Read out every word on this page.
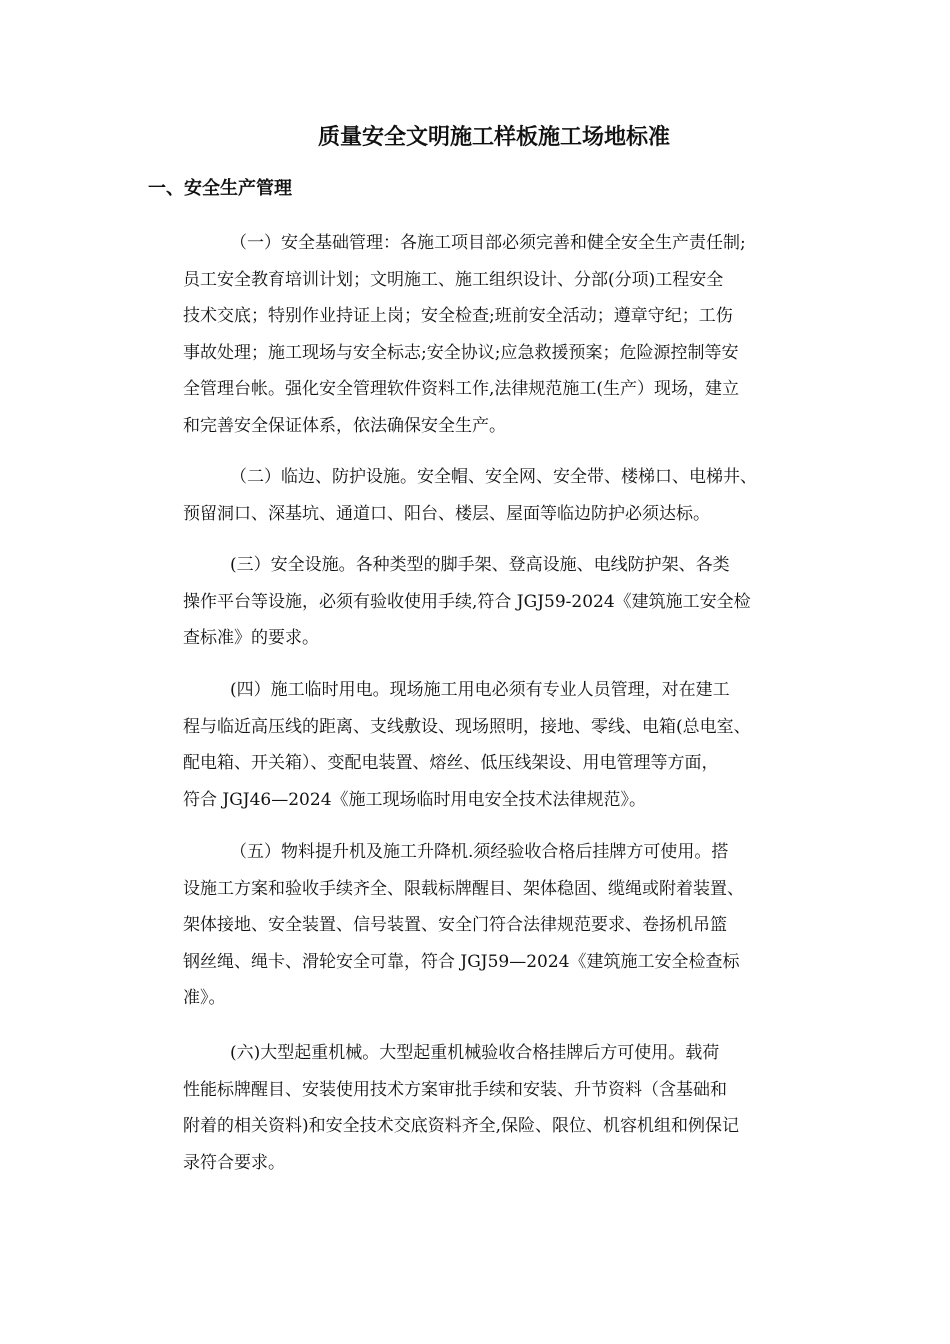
质量安全文明施工样板施工场地标准
一、安全生产管理
（一）安全基础管理：各施工项目部必须完善和健全安全生产责任制;
员工安全教育培训计划；文明施工、施工组织设计、分部(分项)工程安全
技术交底；特别作业持证上岗；安全检查;班前安全活动；遵章守纪；工伤
事故处理；施工现场与安全标志;安全协议;应急救援预案；危险源控制等安
全管理台帐。强化安全管理软件资料工作,法律规范施工(生产）现场，建立
和完善安全保证体系，依法确保安全生产。
（二）临边、防护设施。安全帽、安全网、安全带、楼梯口、电梯井、
预留洞口、深基坑、通道口、阳台、楼层、屋面等临边防护必须达标。
(三）安全设施。各种类型的脚手架、登高设施、电线防护架、各类
操作平台等设施，必须有验收使用手续,符合 JGJ59-2024《建筑施工安全检
查标准》的要求。
(四）施工临时用电。现场施工用电必须有专业人员管理，对在建工
程与临近高压线的距离、支线敷设、现场照明，接地、零线、电箱(总电室、
配电箱、开关箱）、变配电装置、熔丝、低压线架设、用电管理等方面，
符合 JGJ46—2024《施工现场临时用电安全技术法律规范》。
（五）物料提升机及施工升降机.须经验收合格后挂牌方可使用。搭
设施工方案和验收手续齐全、限载标牌醒目、架体稳固、缆绳或附着装置、
架体接地、安全装置、信号装置、安全门符合法律规范要求、卷扬机吊篮
钢丝绳、绳卡、滑轮安全可靠，符合 JGJ59—2024《建筑施工安全检查标
准》。
(六)大型起重机械。大型起重机械验收合格挂牌后方可使用。载荷
性能标牌醒目、安装使用技术方案审批手续和安装、升节资料（含基础和
附着的相关资料)和安全技术交底资料齐全,保险、限位、机容机组和例保记
录符合要求。
